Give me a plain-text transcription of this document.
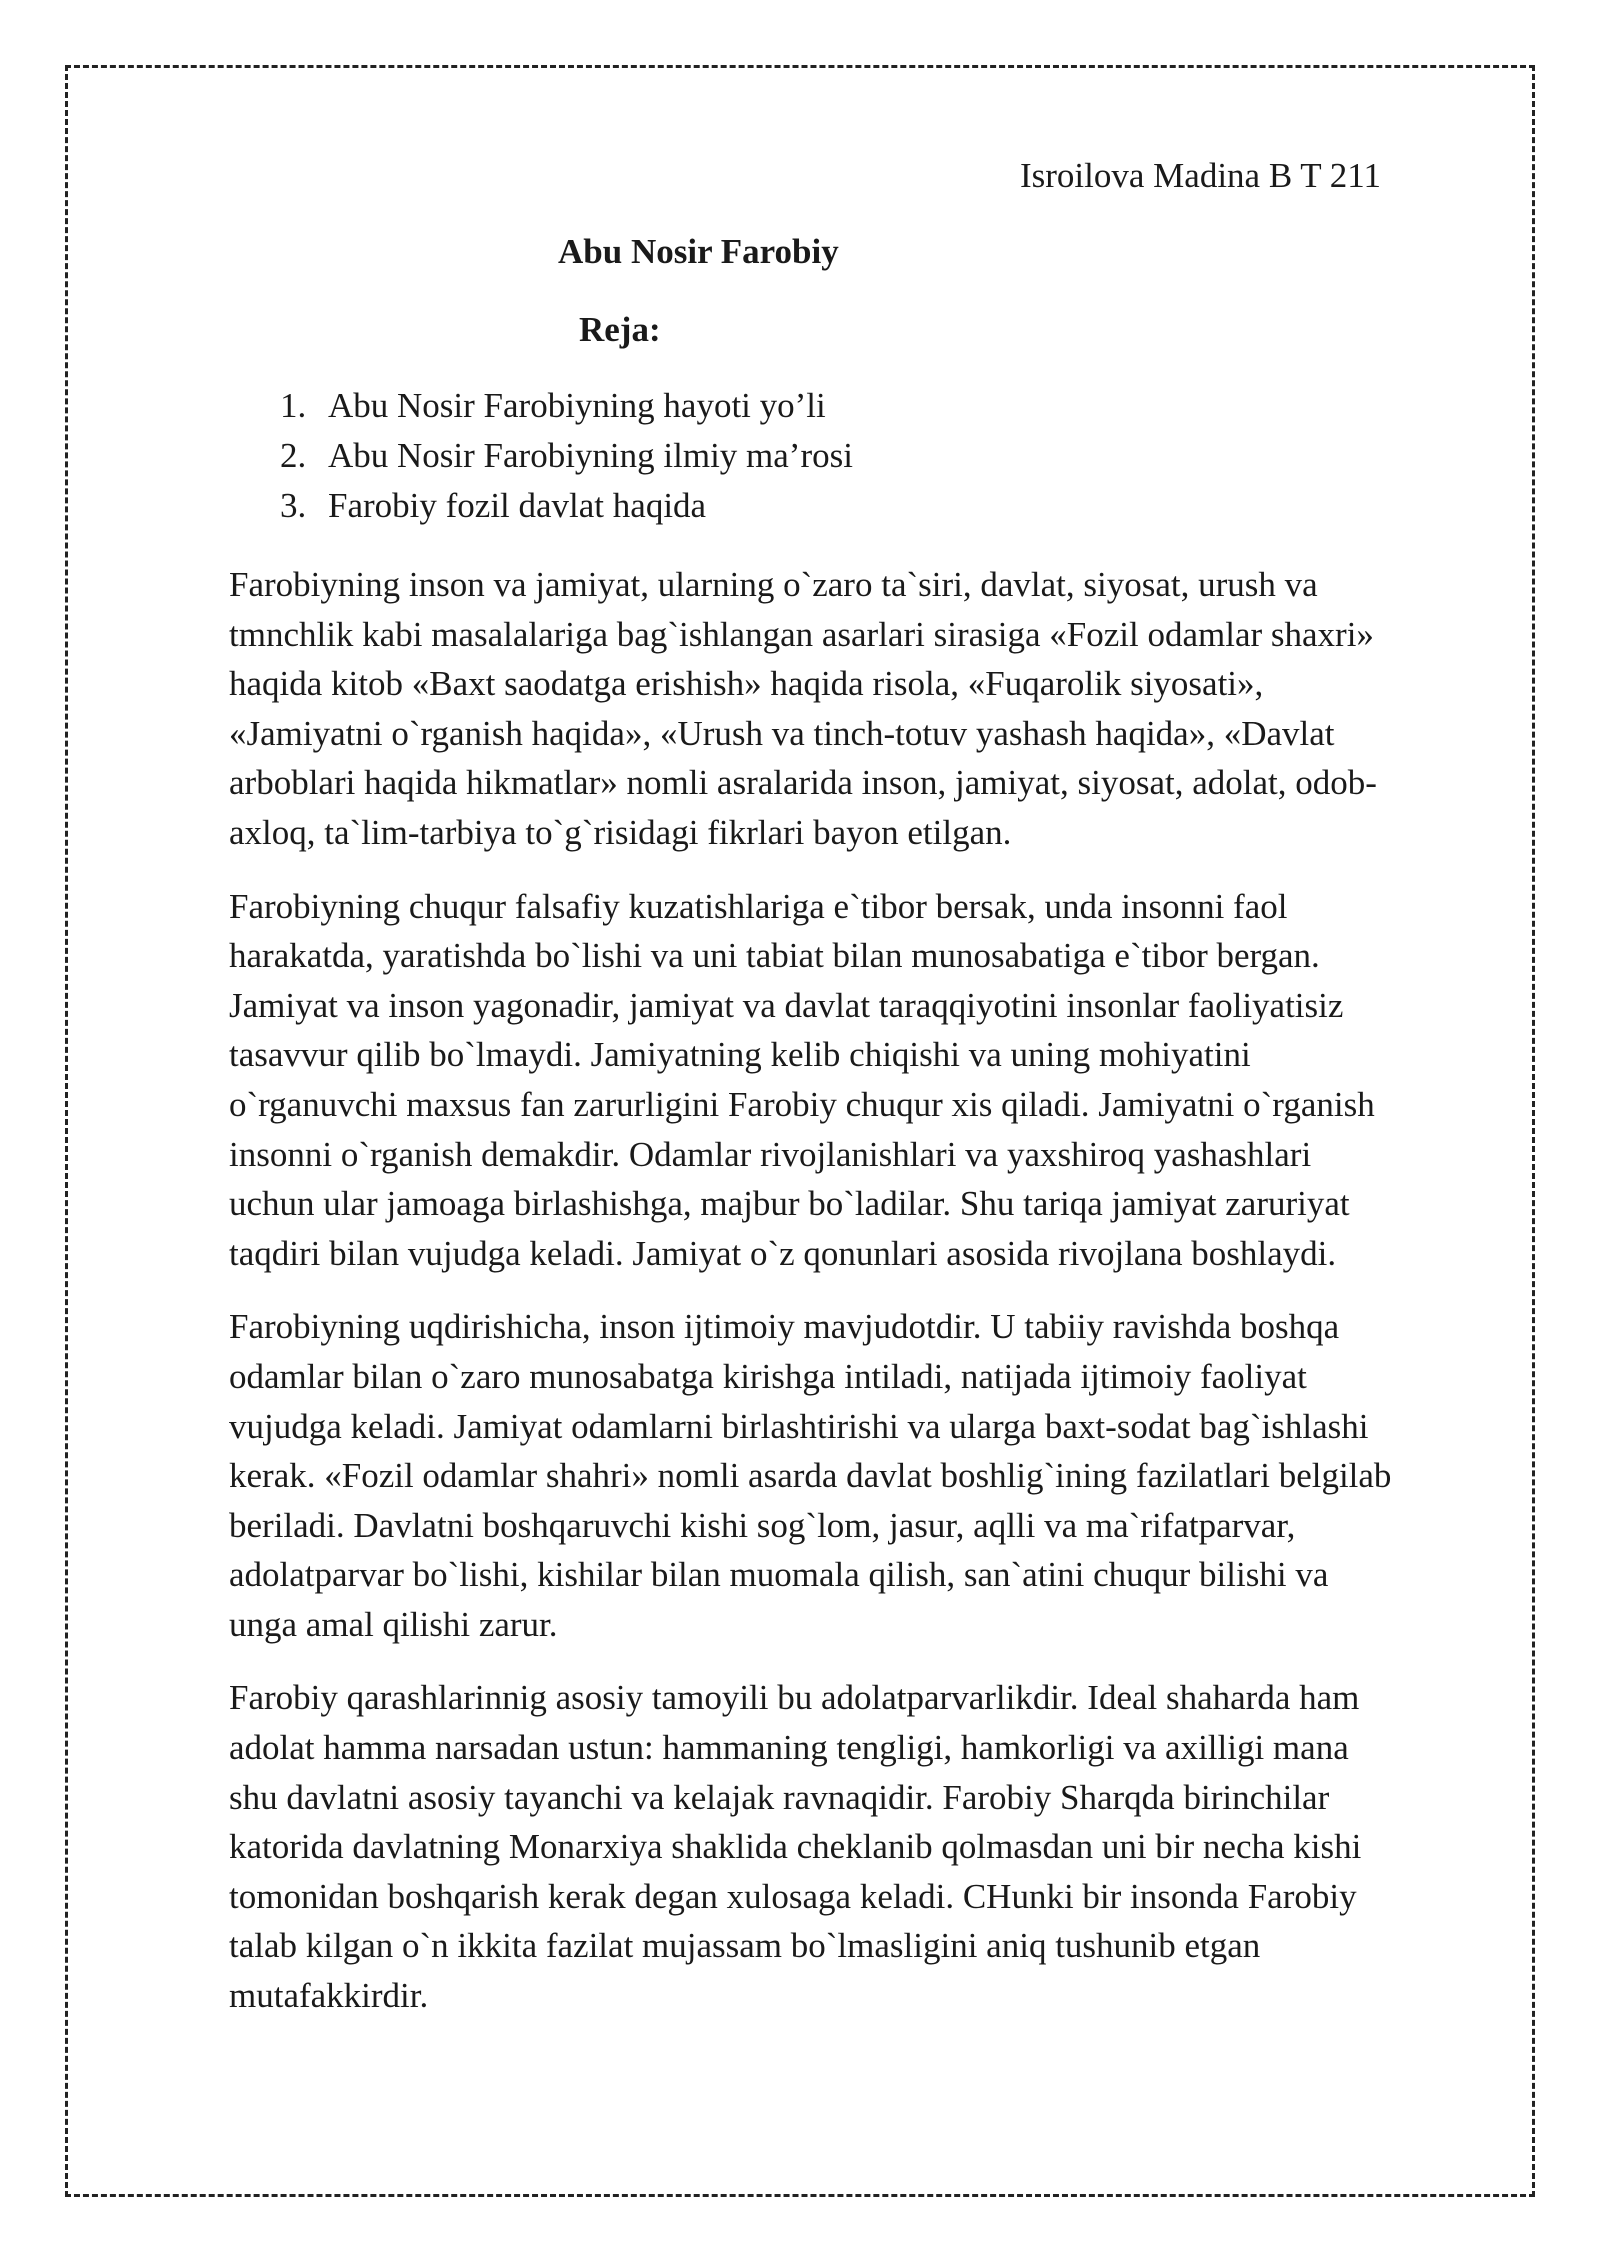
Isroilova Madina B T 211
Abu Nosir Farobiy
Reja:
1. Abu Nosir Farobiyning hayoti yo’li
2. Abu Nosir Farobiyning ilmiy ma’rosi
3. Farobiy fozil davlat haqida

Farobiyning inson va jamiyat, ularning o`zaro ta`siri, davlat, siyosat, urush va
tmnchlik kabi masalalariga bag`ishlangan asarlari sirasiga «Fozil odamlar shaxri»
haqida kitob «Baxt saodatga erishish» haqida risola, «Fuqarolik siyosati»,
«Jamiyatni o`rganish haqida», «Urush va tinch-totuv yashash haqida», «Davlat
arboblari haqida hikmatlar» nomli asralarida inson, jamiyat, siyosat, adolat, odob-
axloq, ta`lim-tarbiya to`g`risidagi fikrlari bayon etilgan.

Farobiyning chuqur falsafiy kuzatishlariga e`tibor bersak, unda insonni faol
harakatda, yaratishda bo`lishi va uni tabiat bilan munosabatiga e`tibor bergan.
Jamiyat va inson yagonadir, jamiyat va davlat taraqqiyotini insonlar faoliyatisiz
tasavvur qilib bo`lmaydi. Jamiyatning kelib chiqishi va uning mohiyatini
o`rganuvchi maxsus fan zarurligini Farobiy chuqur xis qiladi. Jamiyatni o`rganish
insonni o`rganish demakdir. Odamlar rivojlanishlari va yaxshiroq yashashlari
uchun ular jamoaga birlashishga, majbur bo`ladilar. Shu tariqa jamiyat zaruriyat
taqdiri bilan vujudga keladi. Jamiyat o`z qonunlari asosida rivojlana boshlaydi.

Farobiyning uqdirishicha, inson ijtimoiy mavjudotdir. U tabiiy ravishda boshqa
odamlar bilan o`zaro munosabatga kirishga intiladi, natijada ijtimoiy faoliyat
vujudga keladi. Jamiyat odamlarni birlashtirishi va ularga baxt-sodat bag`ishlashi
kerak. «Fozil odamlar shahri» nomli asarda davlat boshlig`ining fazilatlari belgilab
beriladi. Davlatni boshqaruvchi kishi sog`lom, jasur, aqlli va ma`rifatparvar,
adolatparvar bo`lishi, kishilar bilan muomala qilish, san`atini chuqur bilishi va
unga amal qilishi zarur.

Farobiy qarashlarinnig asosiy tamoyili bu adolatparvarlikdir. Ideal shaharda ham
adolat hamma narsadan ustun: hammaning tengligi, hamkorligi va axilligi mana
shu davlatni asosiy tayanchi va kelajak ravnaqidir. Farobiy Sharqda birinchilar
katorida davlatning Monarxiya shaklida cheklanib qolmasdan uni bir necha kishi
tomonidan boshqarish kerak degan xulosaga keladi. CHunki bir insonda Farobiy
talab kilgan o`n ikkita fazilat mujassam bo`lmasligini aniq tushunib etgan
mutafakkirdir.
